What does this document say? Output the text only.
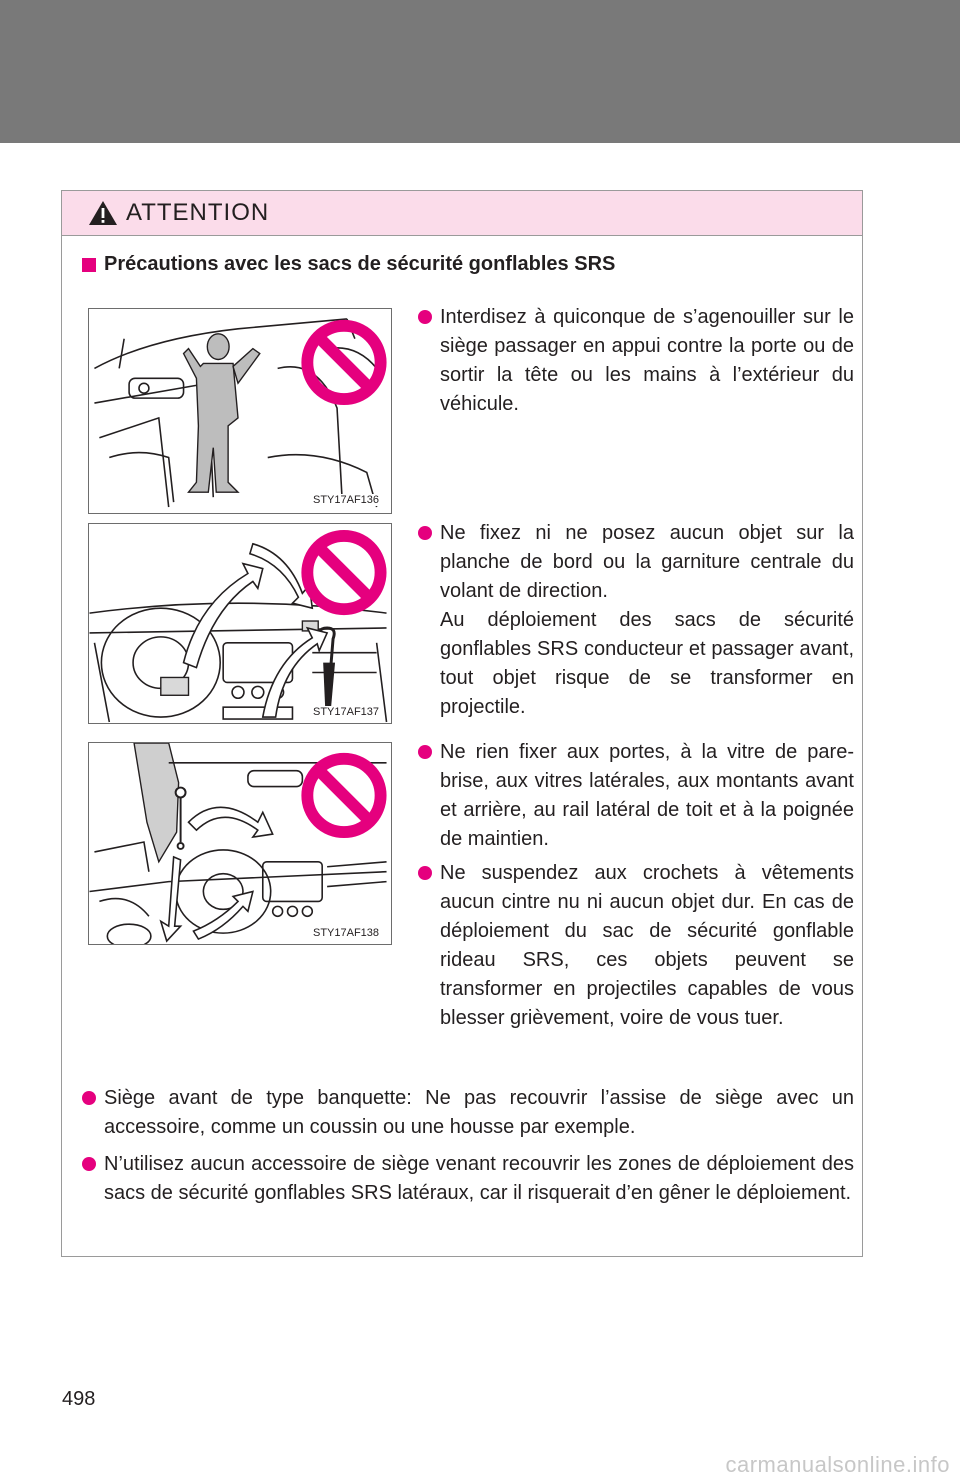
ATTENTION
Précautions avec les sacs de sécurité gonflables SRS
STY17AF136
STY17AF137
STY17AF138
Interdisez à quiconque de s’agenouiller sur le siège passager en appui contre la porte ou de sortir la tête ou les mains à l’extérieur du véhicule.

Ne fixez ni ne posez aucun objet sur la planche de bord ou la garniture centrale du volant de direction.

Au déploiement des sacs de sécurité gonflables SRS conducteur et passager avant, tout objet risque de se transformer en projectile.

Ne rien fixer aux portes, à la vitre de pare-brise, aux vitres latérales, aux montants avant et arrière, au rail latéral de toit et à la poignée de maintien.
Ne suspendez aux crochets à vêtements aucun cintre nu ni aucun objet dur. En cas de déploiement du sac de sécurité gonflable rideau SRS, ces objets peuvent se transformer en projectiles capables de vous blesser grièvement, voire de vous tuer.
Siège avant de type banquette: Ne pas recouvrir l’assise de siège avec un accessoire, comme un coussin ou une housse par exemple.
N’utilisez aucun accessoire de siège venant recouvrir les zones de déploiement des sacs de sécurité gonflables SRS latéraux, car il risquerait d’en gêner le déploiement.
498
carmanualsonline.info
